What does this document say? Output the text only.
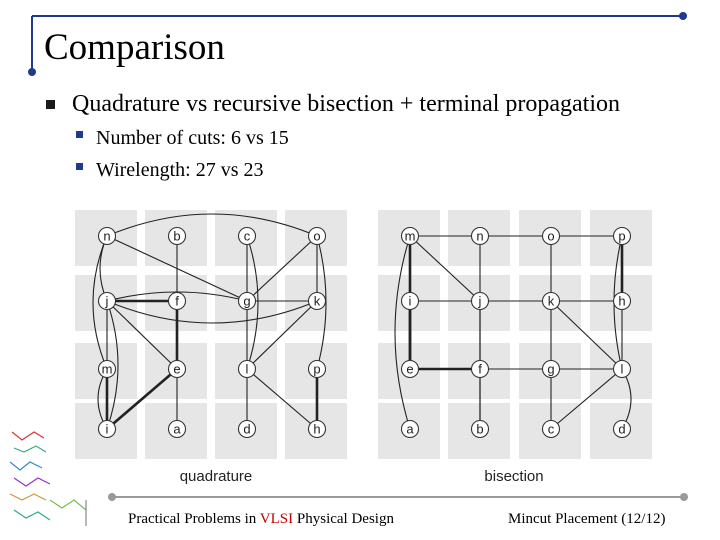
Comparison
Quadrature vs recursive bisection + terminal propagation
Number of cuts: 6 vs 15
Wirelength: 27 vs 23
n	b	c	o
j	f	g	k
m	e	l	p
i	a	d	h
m	n	o	p
i	j	k	h
e	f	g	l
a	b	c	d
quadrature	bisection
Practical Problems in VLSI Physical Design	Mincut Placement (12/12)
